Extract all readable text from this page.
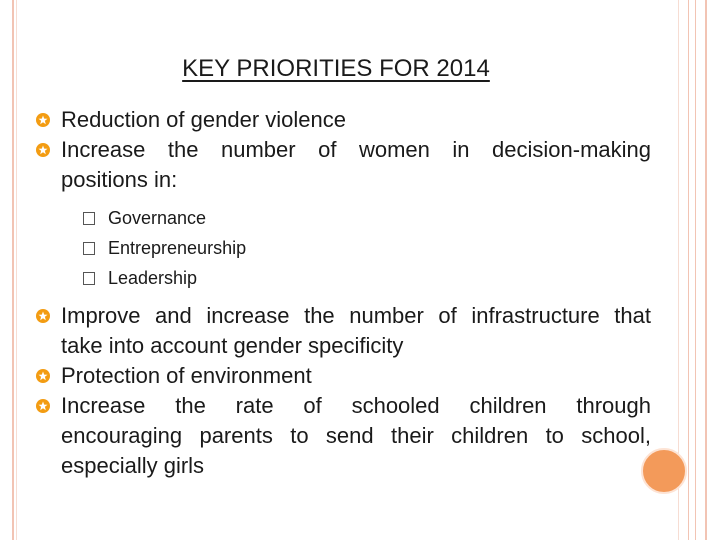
KEY PRIORITIES FOR 2014
Reduction of gender violence
Increase the number of women in decision-making
positions in:
Governance
Entrepreneurship
Leadership
Improve and increase the number of infrastructure that
take into account gender specificity
Protection of environment
Increase the rate of schooled children through
encouraging parents to send their children to school,
especially girls
